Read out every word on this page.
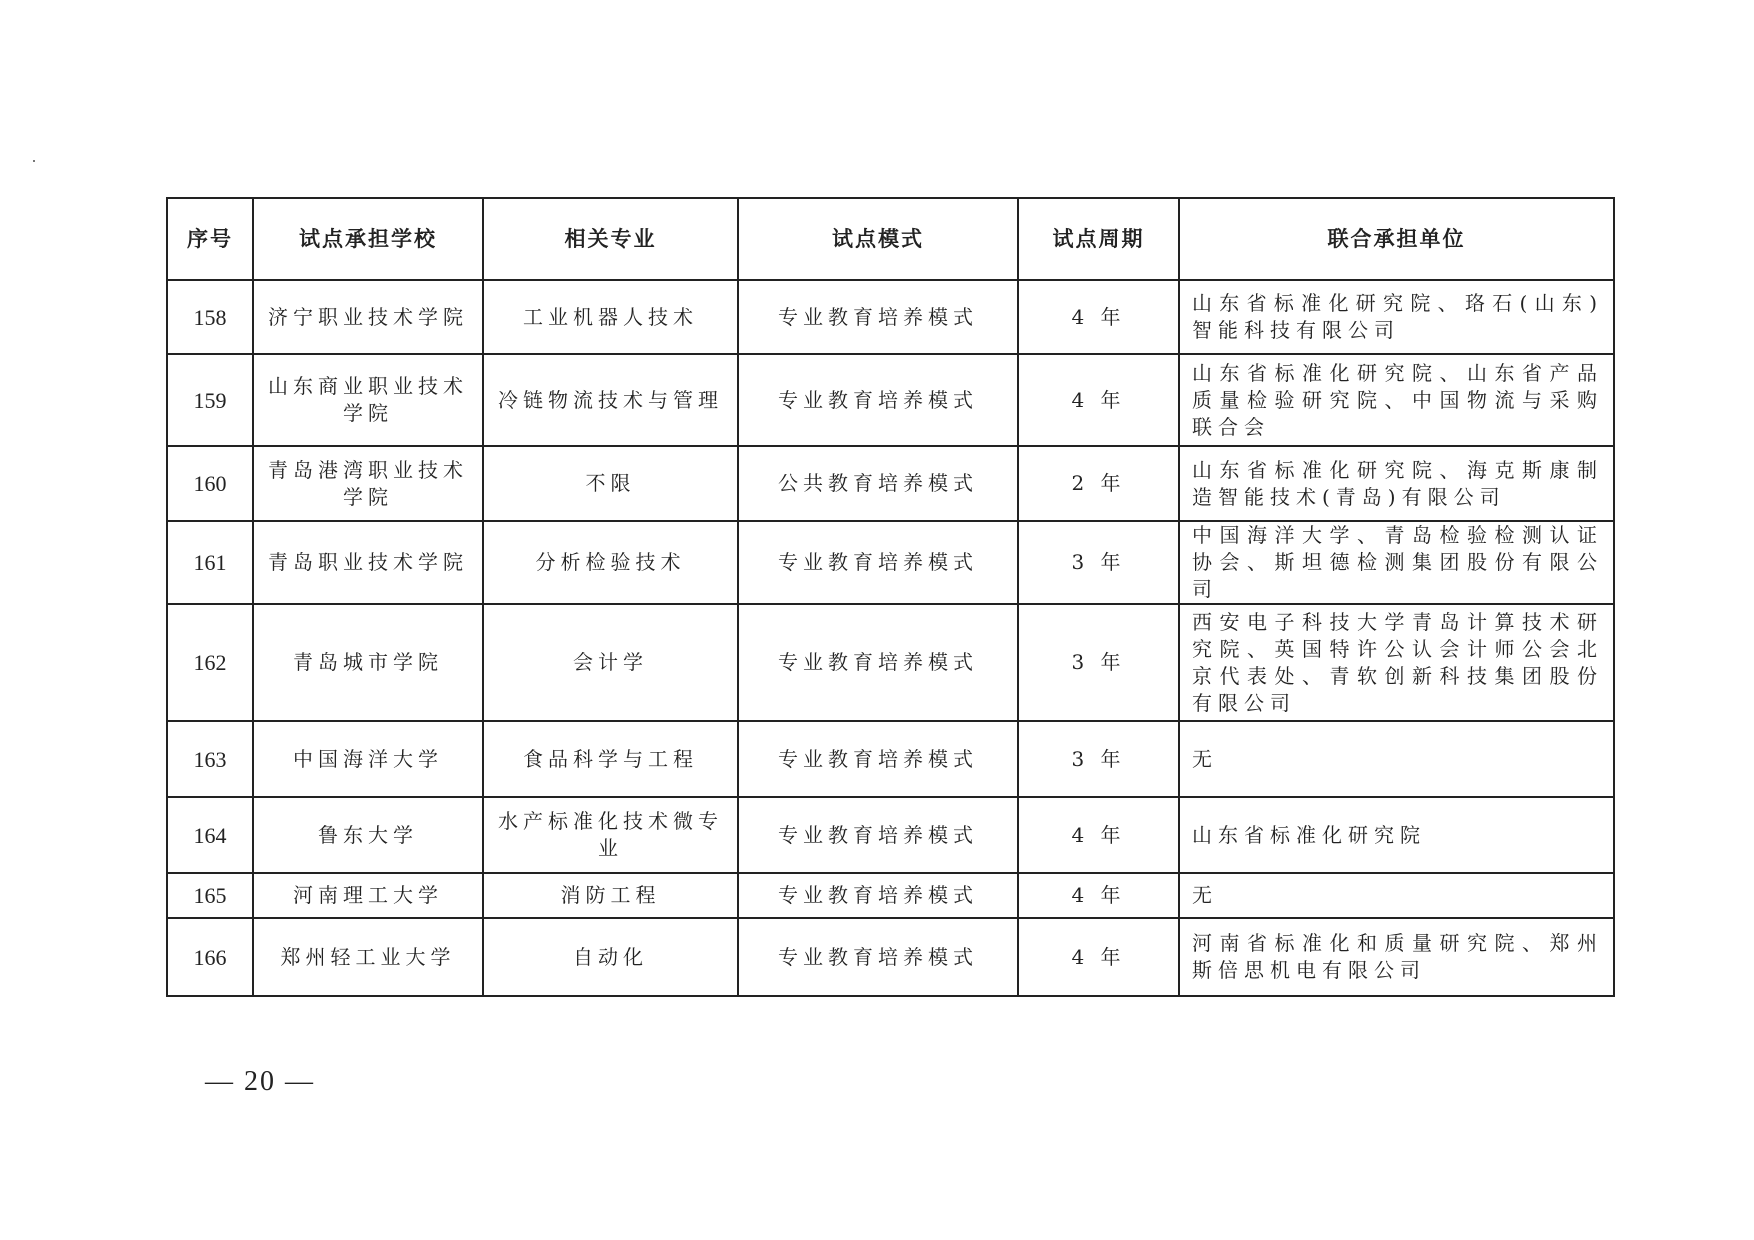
序号	试点承担学校	相关专业	试点模式	试点周期	联合承担单位
158	济宁职业技术学院	工业机器人技术	专业教育培养模式	4 年	山东省标准化研究院、珞石(山东)智能科技有限公司
159	山东商业职业技术学院	冷链物流技术与管理	专业教育培养模式	4 年	山东省标准化研究院、山东省产品质量检验研究院、中国物流与采购联合会
160	青岛港湾职业技术学院	不限	公共教育培养模式	2 年	山东省标准化研究院、海克斯康制造智能技术(青岛)有限公司
161	青岛职业技术学院	分析检验技术	专业教育培养模式	3 年	中国海洋大学、青岛检验检测认证协会、斯坦德检测集团股份有限公司
162	青岛城市学院	会计学	专业教育培养模式	3 年	西安电子科技大学青岛计算技术研究院、英国特许公认会计师公会北京代表处、青软创新科技集团股份有限公司
163	中国海洋大学	食品科学与工程	专业教育培养模式	3 年	无
164	鲁东大学	水产标准化技术微专业	专业教育培养模式	4 年	山东省标准化研究院
165	河南理工大学	消防工程	专业教育培养模式	4 年	无
166	郑州轻工业大学	自动化	专业教育培养模式	4 年	河南省标准化和质量研究院、郑州斯倍思机电有限公司
— 20 —
